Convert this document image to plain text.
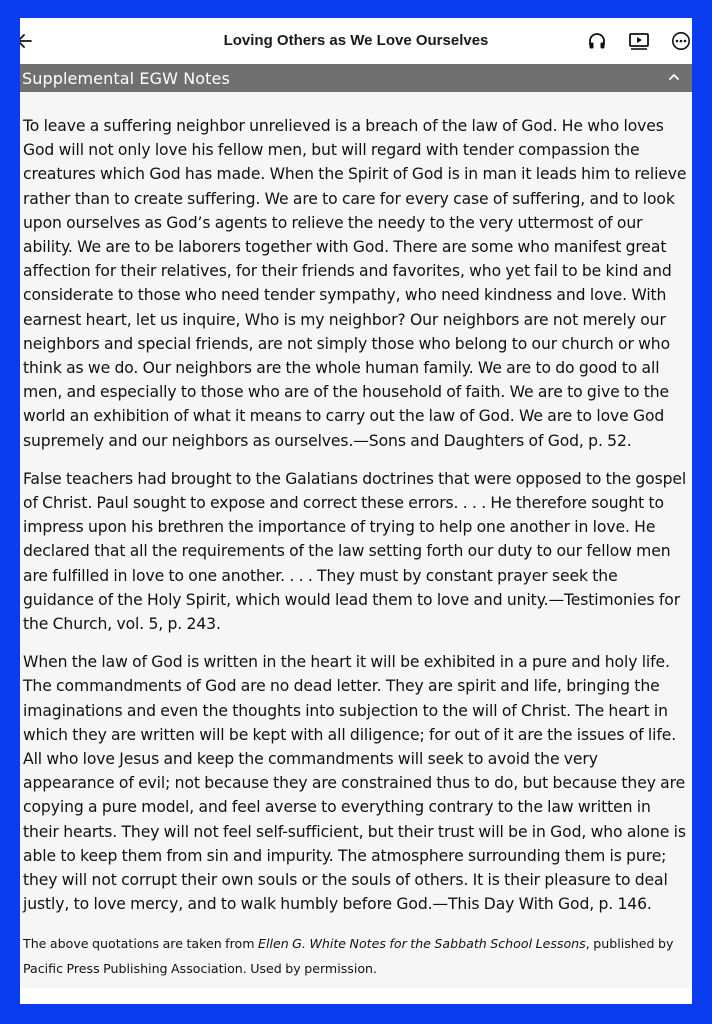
Loving Others as We Love Ourselves
Supplemental EGW Notes

To leave a suffering neighbor unrelieved is a breach of the law of God. He who loves God will not only love his fellow men, but will regard with tender compassion the creatures which God has made. When the Spirit of God is in man it leads him to relieve rather than to create suffering. We are to care for every case of suffering, and to look upon ourselves as God’s agents to relieve the needy to the very uttermost of our ability. We are to be laborers together with God. There are some who manifest great affection for their relatives, for their friends and favorites, who yet fail to be kind and considerate to those who need tender sympathy, who need kindness and love. With earnest heart, let us inquire, Who is my neighbor? Our neighbors are not merely our neighbors and special friends, are not simply those who belong to our church or who think as we do. Our neighbors are the whole human family. We are to do good to all men, and especially to those who are of the household of faith. We are to give to the world an exhibition of what it means to carry out the law of God. We are to love God supremely and our neighbors as ourselves.—Sons and Daughters of God, p. 52.

False teachers had brought to the Galatians doctrines that were opposed to the gospel of Christ. Paul sought to expose and correct these errors. . . . He therefore sought to impress upon his brethren the importance of trying to help one another in love. He declared that all the requirements of the law setting forth our duty to our fellow men are fulfilled in love to one another. . . . They must by constant prayer seek the guidance of the Holy Spirit, which would lead them to love and unity.—Testimonies for the Church, vol. 5, p. 243.

When the law of God is written in the heart it will be exhibited in a pure and holy life. The commandments of God are no dead letter. They are spirit and life, bringing the imaginations and even the thoughts into subjection to the will of Christ. The heart in which they are written will be kept with all diligence; for out of it are the issues of life. All who love Jesus and keep the commandments will seek to avoid the very appearance of evil; not because they are constrained thus to do, but because they are copying a pure model, and feel averse to everything contrary to the law written in their hearts. They will not feel self-sufficient, but their trust will be in God, who alone is able to keep them from sin and impurity. The atmosphere surrounding them is pure; they will not corrupt their own souls or the souls of others. It is their pleasure to deal justly, to love mercy, and to walk humbly before God.—This Day With God, p. 146.

The above quotations are taken from Ellen G. White Notes for the Sabbath School Lessons, published by Pacific Press Publishing Association. Used by permission.
